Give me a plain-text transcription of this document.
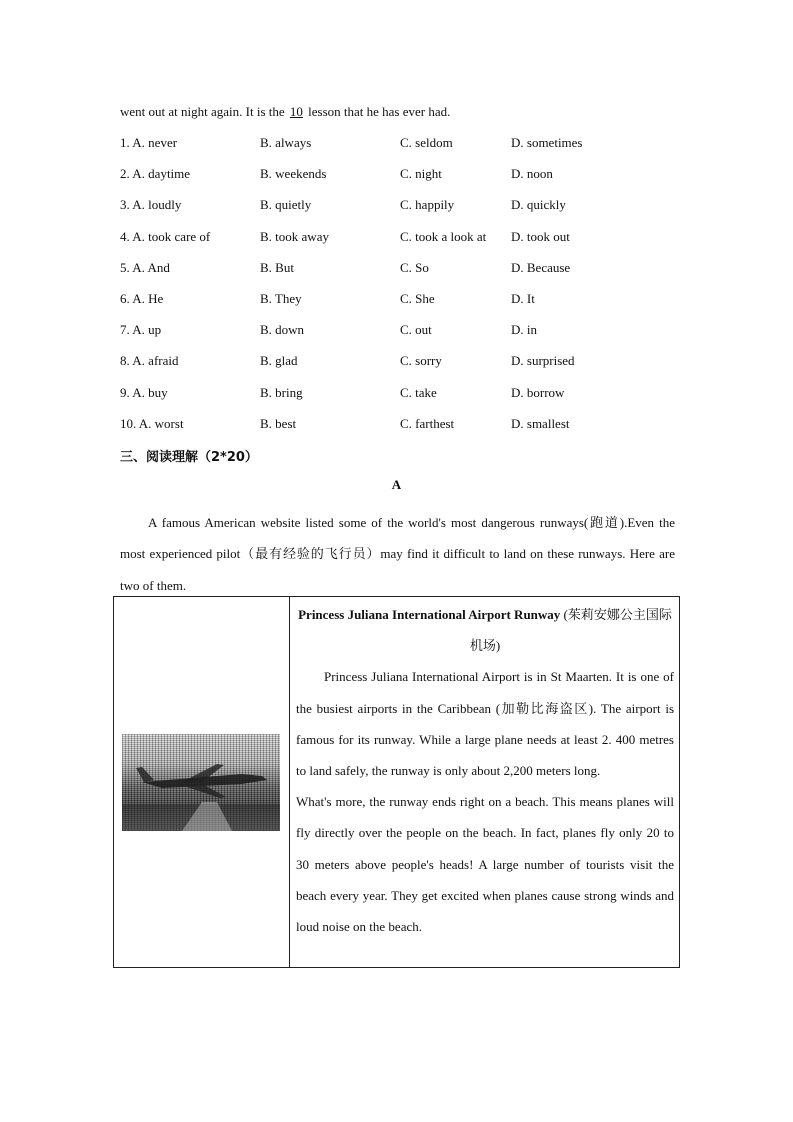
went out at night again. It is the 10 lesson that he has ever had.
1. A. never	B. always	C. seldom	D. sometimes
2. A. daytime	B. weekends	C. night	D. noon
3. A. loudly	B. quietly	C. happily	D. quickly
4. A. took care of	B. took away	C. took a look at D. took out
5. A. And	B. But	C. So	D. Because
6. A. He	B. They	C. She	D. It
7. A. up	B. down	C. out	D. in
8. A. afraid	B. glad	C. sorry	D. surprised
9. A. buy	B. bring	C. take	D. borrow
10. A. worst	B. best	C. farthest	D. smallest
三、阅读理解（2*20）
A

A famous American website listed some of the world's most dangerous runways(跑道).Even the most experienced pilot（最有经验的飞行员）may find it difficult to land on these runways. Here are two of them.

Princess Juliana International Airport Runway (茱莉安娜公主国际机场)

Princess Juliana International Airport is in St Maarten. It is one of the busiest airports in the Caribbean (加勒比海盗区). The airport is famous for its runway. While a large plane needs at least 2. 400 metres to land safely, the runway is only about 2,200 meters long.

What's more, the runway ends right on a beach. This means planes will fly directly over the people on the beach. In fact, planes fly only 20 to 30 meters above people's heads! A large number of tourists visit the beach every year. They get excited when planes cause strong winds and loud noise on the beach.
